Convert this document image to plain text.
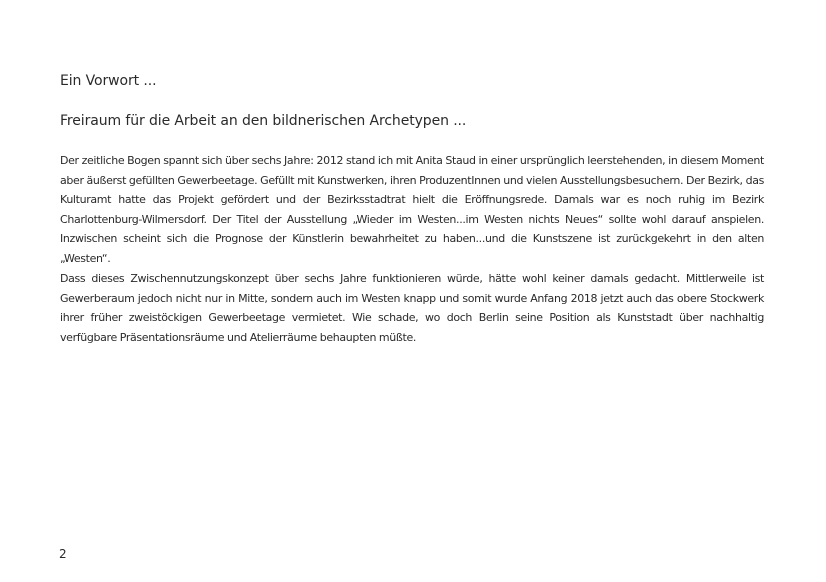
Ein Vorwort ...
Freiraum für die Arbeit an den bildnerischen Archetypen ...

Der zeitliche Bogen spannt sich über sechs Jahre: 2012 stand ich mit Anita Staud in einer ursprünglich leerstehenden, in diesem Moment aber äußerst gefüllten Gewerbeetage. Gefüllt mit Kunstwerken, ihren ProduzentInnen und vielen Ausstellungsbesuchern. Der Bezirk, das Kulturamt hatte das Projekt gefördert und der Bezirksstadtrat hielt die Eröffnungsrede. Damals war es noch ruhig im Bezirk Charlottenburg-Wilmersdorf. Der Titel der Ausstellung „Wieder im Westen...im Westen nichts Neues“ sollte wohl darauf anspielen. Inzwischen scheint sich die Prognose der Künstlerin bewahrheitet zu haben...und die Kunstszene ist zurückgekehrt in den alten „Westen“.

Dass dieses Zwischennutzungskonzept über sechs Jahre funktionieren würde, hätte wohl keiner damals gedacht. Mittlerweile ist Gewerberaum jedoch nicht nur in Mitte, sondern auch im Westen knapp und somit wurde Anfang 2018 jetzt auch das obere Stockwerk ihrer früher zweistöckigen Gewerbeetage vermietet. Wie schade, wo doch Berlin seine Position als Kunststadt über nachhaltig verfügbare Präsentationsräume und Atelierräume behaupten müßte.

2
